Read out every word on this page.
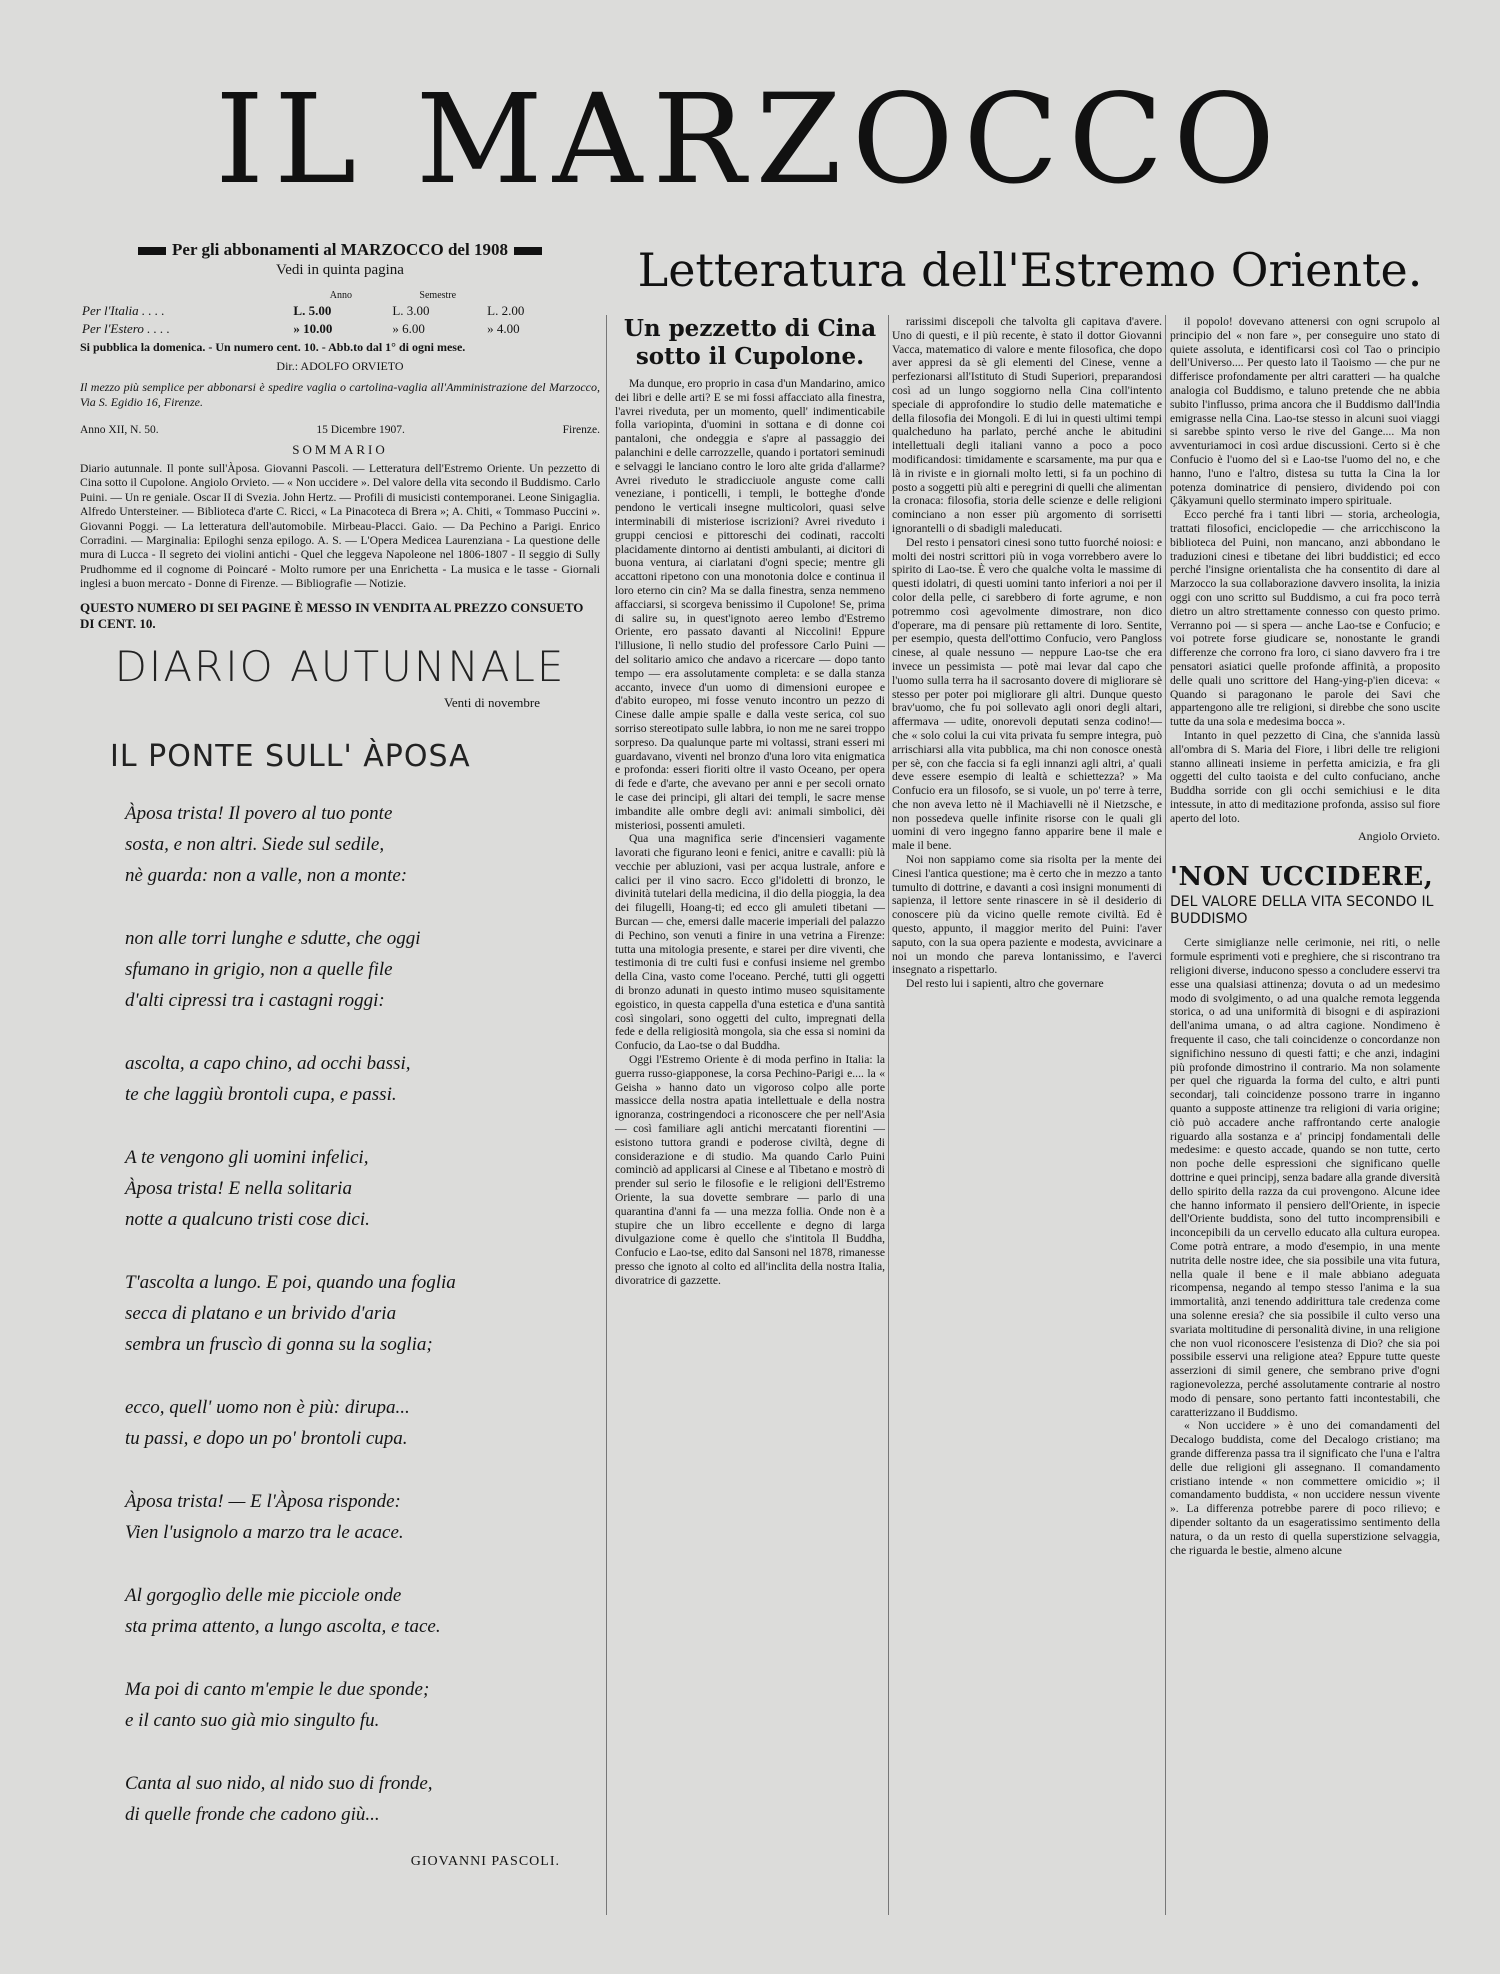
IL MARZOCCO

Per gli abbonamenti al MARZOCCO del 1908

Vedi in quinta pagina

	Anno	Semestre	
Per l'Italia . . . .	L. 5.00	L. 3.00	L. 2.00
Per l'Estero . . . .	» 10.00	» 6.00	» 4.00

Si pubblica la domenica. - Un numero cent. 10. - Abb.to dal 1° di ogni mese.

Dir.: ADOLFO ORVIETO

Il mezzo più semplice per abbonarsi è spedire vaglia o cartolina-vaglia all'Amministrazione del Marzocco, Via S. Egidio 16, Firenze.

Anno XII, N. 50.	15 Dicembre 1907.	Firenze.
SOMMARIO

Diario autunnale. Il ponte sull'Àposa. Giovanni Pascoli. — Letteratura dell'Estremo Oriente. Un pezzetto di Cina sotto il Cupolone. Angiolo Orvieto. — « Non uccidere ». Del valore della vita secondo il Buddismo. Carlo Puini. — Un re geniale. Oscar II di Svezia. John Hertz. — Profili di musicisti contemporanei. Leone Sinigaglia. Alfredo Untersteiner. — Biblioteca d'arte C. Ricci, « La Pinacoteca di Brera »; A. Chiti, « Tommaso Puccini ». Giovanni Poggi. — La letteratura dell'automobile. Mirbeau-Placci. Gaio. — Da Pechino a Parigi. Enrico Corradini. — Marginalia: Epiloghi senza epilogo. A. S. — L'Opera Medicea Laurenziana - La questione delle mura di Lucca - Il segreto dei violini antichi - Quel che leggeva Napoleone nel 1806-1807 - Il seggio di Sully Prudhomme ed il cognome di Poincaré - Molto rumore per una Enrichetta - La musica e le tasse - Giornali inglesi a buon mercato - Donne di Firenze. — Bibliografie — Notizie.

QUESTO NUMERO DI SEI PAGINE È MESSO IN VENDITA AL PREZZO CONSUETO DI CENT. 10.

DIARIO AUTUNNALE
Venti di novembre
IL PONTE SULL' ÀPOSA
Àposa trista! Il povero al tuo ponte
sosta, e non altri. Siede sul sedile,
nè guarda: non a valle, non a monte:
non alle torri lunghe e sdutte, che oggi
sfumano in grigio, non a quelle file
d'alti cipressi tra i castagni roggi:
ascolta, a capo chino, ad occhi bassi,
te che laggiù brontoli cupa, e passi.
A te vengono gli uomini infelici,
Àposa trista! E nella solitaria
notte a qualcuno tristi cose dici.
T'ascolta a lungo. E poi, quando una foglia
secca di platano e un brivido d'aria
sembra un fruscìo di gonna su la soglia;
ecco, quell' uomo non è più: dirupa...
tu passi, e dopo un po' brontoli cupa.
Àposa trista! — E l'Àposa risponde:
Vien l'usignolo a marzo tra le acace.
Al gorgoglìo delle mie picciole onde
sta prima attento, a lungo ascolta, e tace.
Ma poi di canto m'empie le due sponde;
e il canto suo già mio singulto fu.
Canta al suo nido, al nido suo di fronde,
di quelle fronde che cadono giù...
GIOVANNI PASCOLI.
Letteratura dell'Estremo Oriente.
Un pezzetto di Cina sotto il Cupolone.

Ma dunque, ero proprio in casa d'un Mandarino, amico dei libri e delle arti? E se mi fossi affacciato alla finestra, l'avrei riveduta, per un momento, quell' indimenticabile folla variopinta, d'uomini in sottana e di donne coi pantaloni, che ondeggia e s'apre al passaggio dei palanchini e delle carrozzelle, quando i portatori seminudi e selvaggi le lanciano contro le loro alte grida d'allarme? Avrei riveduto le stradicciuole anguste come calli veneziane, i ponticelli, i templi, le botteghe d'onde pendono le verticali insegne multicolori, quasi selve interminabili di misteriose iscrizioni? Avrei riveduto i gruppi cenciosi e pittoreschi dei codinati, raccolti placidamente dintorno ai dentisti ambulanti, ai dicitori di buona ventura, ai ciarlatani d'ogni specie; mentre gli accattoni ripetono con una monotonia dolce e continua il loro eterno cin cin? Ma se dalla finestra, senza nemmeno affacciarsi, si scorgeva benissimo il Cupolone! Se, prima di salire su, in quest'ignoto aereo lembo d'Estremo Oriente, ero passato davanti al Niccolini! Eppure l'illusione, lì nello studio del professore Carlo Puini — del solitario amico che andavo a ricercare — dopo tanto tempo — era assolutamente completa: e se dalla stanza accanto, invece d'un uomo di dimensioni europee e d'abito europeo, mi fosse venuto incontro un pezzo di Cinese dalle ampie spalle e dalla veste serica, col suo sorriso stereotipato sulle labbra, io non me ne sarei troppo sorpreso. Da qualunque parte mi voltassi, strani esseri mi guardavano, viventi nel bronzo d'una loro vita enigmatica e profonda: esseri fioriti oltre il vasto Oceano, per opera di fede e d'arte, che avevano per anni e per secoli ornato le case dei principi, gli altari dei templi, le sacre mense imbandite alle ombre degli avi: animali simbolici, dèi misteriosi, possenti amuleti.

Qua una magnifica serie d'incensieri vagamente lavorati che figurano leoni e fenici, anitre e cavalli: più là vecchie per abluzioni, vasi per acqua lustrale, anfore e calici per il vino sacro. Ecco gl'idoletti di bronzo, le divinità tutelari della medicina, il dio della pioggia, la dea dei filugelli, Hoang-ti; ed ecco gli amuleti tibetani — Burcan — che, emersi dalle macerie imperiali del palazzo di Pechino, son venuti a finire in una vetrina a Firenze: tutta una mitologia presente, e starei per dire viventi, che testimonia di tre culti fusi e confusi insieme nel grembo della Cina, vasto come l'oceano. Perché, tutti gli oggetti di bronzo adunati in questo intimo museo squisitamente egoistico, in questa cappella d'una estetica e d'una santità così singolari, sono oggetti del culto, impregnati della fede e della religiosità mongola, sia che essa si nomini da Confucio, da Lao-tse o dal Buddha.

Oggi l'Estremo Oriente è di moda perfino in Italia: la guerra russo-giapponese, la corsa Pechino-Parigi e.... la « Geisha » hanno dato un vigoroso colpo alle porte massicce della nostra apatia intellettuale e della nostra ignoranza, costringendoci a riconoscere che per nell'Asia — così familiare agli antichi mercatanti fiorentini — esistono tuttora grandi e poderose civiltà, degne di considerazione e di studio. Ma quando Carlo Puini cominciò ad applicarsi al Cinese e al Tibetano e mostrò di prender sul serio le filosofie e le religioni dell'Estremo Oriente, la sua dovette sembrare — parlo di una quarantina d'anni fa — una mezza follia. Onde non è a stupire che un libro eccellente e degno di larga divulgazione come è quello che s'intitola Il Buddha, Confucio e Lao-tse, edito dal Sansoni nel 1878, rimanesse presso che ignoto al colto ed all'inclita della nostra Italia, divoratrice di gazzette.

rarissimi discepoli che talvolta gli capitava d'avere. Uno di questi, e il più recente, è stato il dottor Giovanni Vacca, matematico di valore e mente filosofica, che dopo aver appresi da sè gli elementi del Cinese, venne a perfezionarsi all'Istituto di Studi Superiori, preparandosi così ad un lungo soggiorno nella Cina coll'intento speciale di approfondire lo studio delle matematiche e della filosofia dei Mongoli. E di lui in questi ultimi tempi qualcheduno ha parlato, perché anche le abitudini intellettuali degli italiani vanno a poco a poco modificandosi: timidamente e scarsamente, ma pur qua e là in riviste e in giornali molto letti, si fa un pochino di posto a soggetti più alti e peregrini di quelli che alimentan la cronaca: filosofia, storia delle scienze e delle religioni cominciano a non esser più argomento di sorrisetti ignorantelli o di sbadigli maleducati.

Del resto i pensatori cinesi sono tutto fuorché noiosi: e molti dei nostri scrittori più in voga vorrebbero avere lo spirito di Lao-tse. È vero che qualche volta le massime di questi idolatri, di questi uomini tanto inferiori a noi per il color della pelle, ci sarebbero di forte agrume, e non potremmo così agevolmente dimostrare, non dico d'operare, ma di pensare più rettamente di loro. Sentite, per esempio, questa dell'ottimo Confucio, vero Pangloss cinese, al quale nessuno — neppure Lao-tse che era invece un pessimista — potè mai levar dal capo che l'uomo sulla terra ha il sacrosanto dovere di migliorare sè stesso per poter poi migliorare gli altri. Dunque questo brav'uomo, che fu poi sollevato agli onori degli altari, affermava — udite, onorevoli deputati senza codino!— che « solo colui la cui vita privata fu sempre integra, può arrischiarsi alla vita pubblica, ma chi non conosce onestà per sè, con che faccia si fa egli innanzi agli altri, a' quali deve essere esempio di lealtà e schiettezza? » Ma Confucio era un filosofo, se si vuole, un po' terre à terre, che non aveva letto nè il Machiavelli nè il Nietzsche, e non possedeva quelle infinite risorse con le quali gli uomini di vero ingegno fanno apparire bene il male e male il bene.

Noi non sappiamo come sia risolta per la mente dei Cinesi l'antica questione; ma è certo che in mezzo a tanto tumulto di dottrine, e davanti a così insigni monumenti di sapienza, il lettore sente rinascere in sè il desiderio di conoscere più da vicino quelle remote civiltà. Ed è questo, appunto, il maggior merito del Puini: l'aver saputo, con la sua opera paziente e modesta, avvicinare a noi un mondo che pareva lontanissimo, e l'averci insegnato a rispettarlo.

Del resto lui i sapienti, altro che governare

il popolo! dovevano attenersi con ogni scrupolo al principio del « non fare », per conseguire uno stato di quiete assoluta, e identificarsi così col Tao o principio dell'Universo.... Per questo lato il Taoismo — che pur ne differisce profondamente per altri caratteri — ha qualche analogia col Buddismo, e taluno pretende che ne abbia subito l'influsso, prima ancora che il Buddismo dall'India emigrasse nella Cina. Lao-tse stesso in alcuni suoi viaggi si sarebbe spinto verso le rive del Gange.... Ma non avventuriamoci in così ardue discussioni. Certo si è che Confucio è l'uomo del sì e Lao-tse l'uomo del no, e che hanno, l'uno e l'altro, distesa su tutta la Cina la lor potenza dominatrice di pensiero, dividendo poi con Çâkyamuni quello sterminato impero spirituale.

Ecco perché fra i tanti libri — storia, archeologia, trattati filosofici, enciclopedie — che arricchiscono la biblioteca del Puini, non mancano, anzi abbondano le traduzioni cinesi e tibetane dei libri buddistici; ed ecco perché l'insigne orientalista che ha consentito di dare al Marzocco la sua collaborazione davvero insolita, la inizia oggi con uno scritto sul Buddismo, a cui fra poco terrà dietro un altro strettamente connesso con questo primo. Verranno poi — si spera — anche Lao-tse e Confucio; e voi potrete forse giudicare se, nonostante le grandi differenze che corrono fra loro, ci siano davvero fra i tre pensatori asiatici quelle profonde affinità, a proposito delle quali uno scrittore del Hang-ying-p'ien diceva: « Quando si paragonano le parole dei Savi che appartengono alle tre religioni, si direbbe che sono uscite tutte da una sola e medesima bocca ».

Intanto in quel pezzetto di Cina, che s'annida lassù all'ombra di S. Maria del Fiore, i libri delle tre religioni stanno allineati insieme in perfetta amicizia, e fra gli oggetti del culto taoista e del culto confuciano, anche Buddha sorride con gli occhi semichiusi e le dita intessute, in atto di meditazione profonda, assiso sul fiore aperto del loto.

Angiolo Orvieto.
'NON UCCIDERE,
DEL VALORE DELLA VITA SECONDO IL BUDDISMO

Certe simiglianze nelle cerimonie, nei riti, o nelle formule esprimenti voti e preghiere, che si riscontrano tra religioni diverse, inducono spesso a concludere esservi tra esse una qualsiasi attinenza; dovuta o ad un medesimo modo di svolgimento, o ad una qualche remota leggenda storica, o ad una uniformità di bisogni e di aspirazioni dell'anima umana, o ad altra cagione. Nondimeno è frequente il caso, che tali coincidenze o concordanze non significhino nessuno di questi fatti; e che anzi, indagini più profonde dimostrino il contrario. Ma non solamente per quel che riguarda la forma del culto, e altri punti secondarj, tali coincidenze possono trarre in inganno quanto a supposte attinenze tra religioni di varia origine; ciò può accadere anche raffrontando certe analogie riguardo alla sostanza e a' principj fondamentali delle medesime: e questo accade, quando se non tutte, certo non poche delle espressioni che significano quelle dottrine e quei principj, senza badare alla grande diversità dello spirito della razza da cui provengono. Alcune idee che hanno informato il pensiero dell'Oriente, in ispecie dell'Oriente buddista, sono del tutto incomprensibili e inconcepibili da un cervello educato alla cultura europea. Come potrà entrare, a modo d'esempio, in una mente nutrita delle nostre idee, che sia possibile una vita futura, nella quale il bene e il male abbiano adeguata ricompensa, negando al tempo stesso l'anima e la sua immortalità, anzi tenendo addirittura tale credenza come una solenne eresia? che sia possibile il culto verso una svariata moltitudine di personalità divine, in una religione che non vuol riconoscere l'esistenza di Dio? che sia poi possibile esservi una religione atea? Eppure tutte queste asserzioni di simil genere, che sembrano prive d'ogni ragionevolezza, perché assolutamente contrarie al nostro modo di pensare, sono pertanto fatti incontestabili, che caratterizzano il Buddismo.

« Non uccidere » è uno dei comandamenti del Decalogo buddista, come del Decalogo cristiano; ma grande differenza passa tra il significato che l'una e l'altra delle due religioni gli assegnano. Il comandamento cristiano intende « non commettere omicidio »; il comandamento buddista, « non uccidere nessun vivente ». La differenza potrebbe parere di poco rilievo; e dipender soltanto da un esageratissimo sentimento della natura, o da un resto di quella superstizione selvaggia, che riguarda le bestie, almeno alcune
